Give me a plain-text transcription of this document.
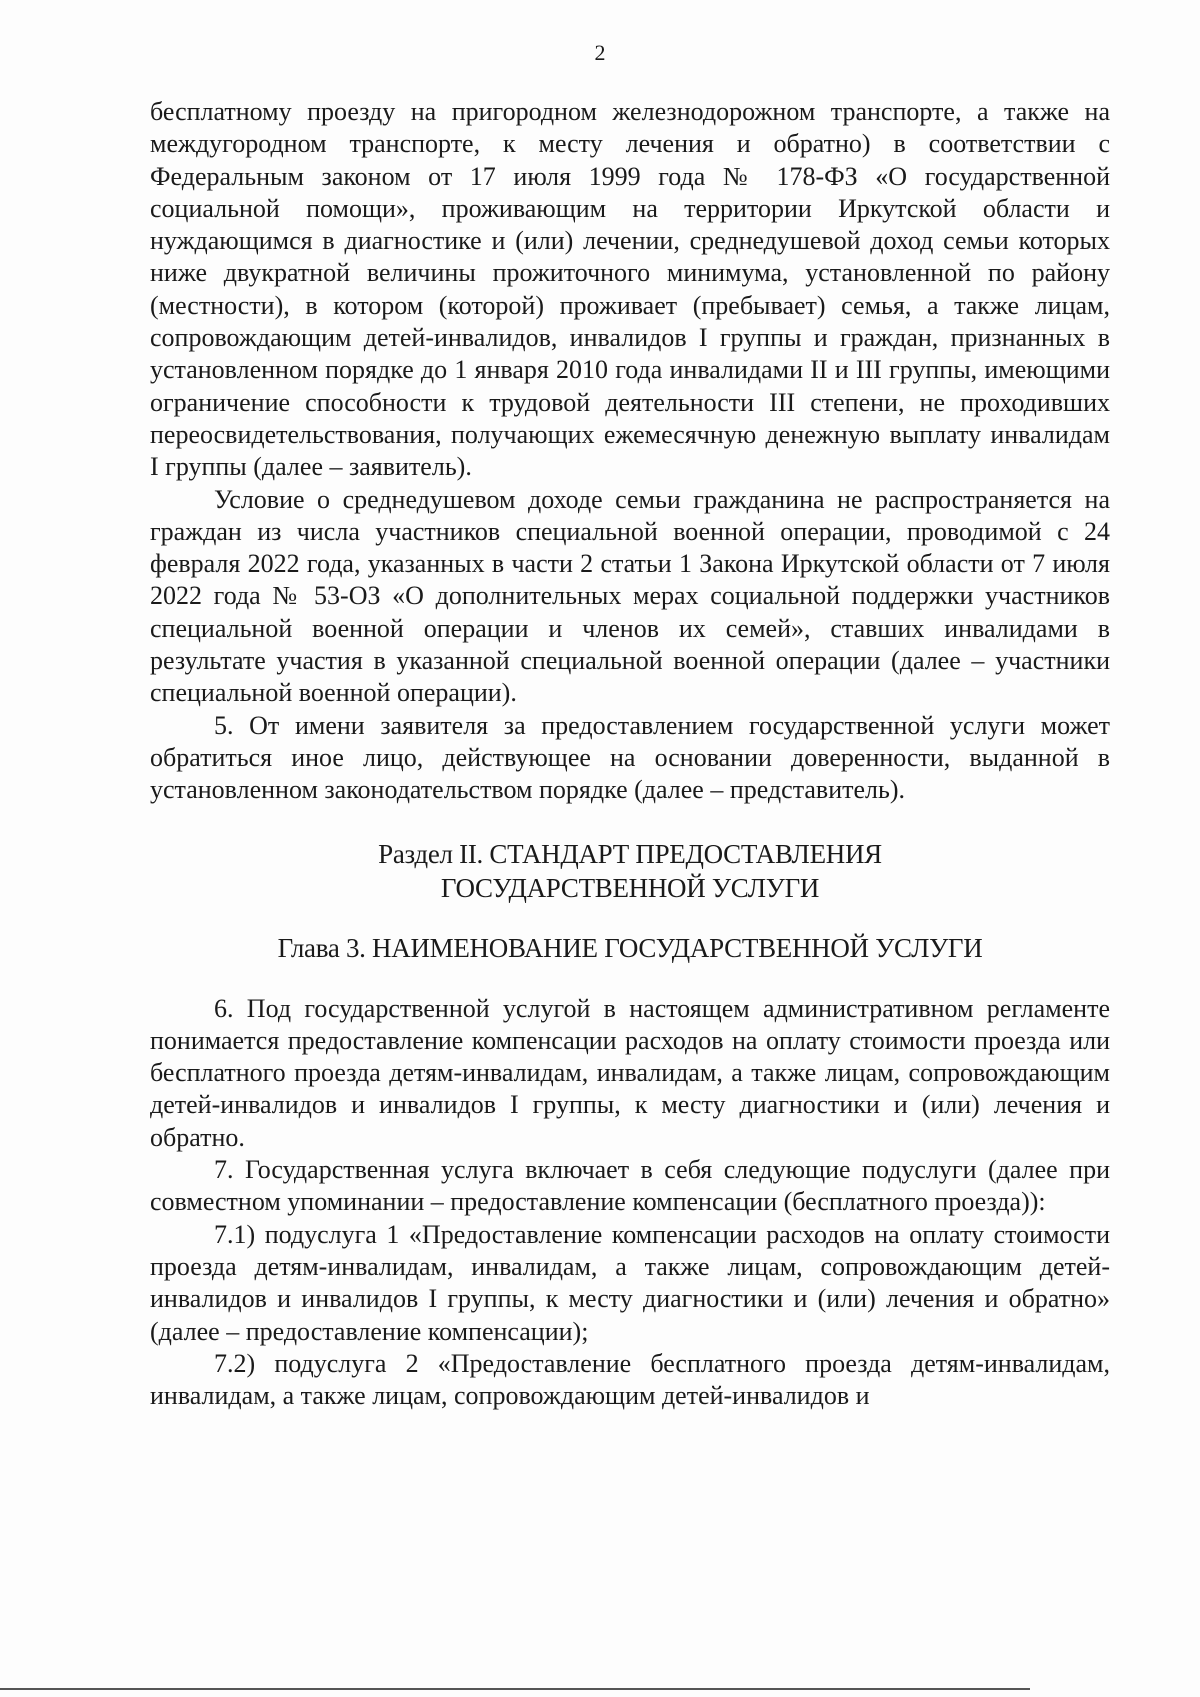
2

бесплатному проезду на пригородном железнодорожном транспорте, а также на междугородном транспорте, к месту лечения и обратно) в соответствии с Федеральным законом от 17 июля 1999 года № 178-ФЗ «О государственной социальной помощи», проживающим на территории Иркутской области и нуждающимся в диагностике и (или) лечении, среднедушевой доход семьи которых ниже двукратной величины прожиточного минимума, установленной по району (местности), в котором (которой) проживает (пребывает) семья, а также лицам, сопровождающим детей-инвалидов, инвалидов I группы и граждан, признанных в установленном порядке до 1 января 2010 года инвалидами II и III группы, имеющими ограничение способности к трудовой деятельности III степени, не проходивших переосвидетельствования, получающих ежемесячную денежную выплату инвалидам I группы (далее – заявитель).

Условие о среднедушевом доходе семьи гражданина не распространяется на граждан из числа участников специальной военной операции, проводимой с 24 февраля 2022 года, указанных в части 2 статьи 1 Закона Иркутской области от 7 июля 2022 года № 53-ОЗ «О дополнительных мерах социальной поддержки участников специальной военной операции и членов их семей», ставших инвалидами в результате участия в указанной специальной военной операции (далее – участники специальной военной операции).

5. От имени заявителя за предоставлением государственной услуги может обратиться иное лицо, действующее на основании доверенности, выданной в установленном законодательством порядке (далее – представитель).

Раздел II. СТАНДАРТ ПРЕДОСТАВЛЕНИЯ
ГОСУДАРСТВЕННОЙ УСЛУГИ
Глава 3. НАИМЕНОВАНИЕ ГОСУДАРСТВЕННОЙ УСЛУГИ

6. Под государственной услугой в настоящем административном регламенте понимается предоставление компенсации расходов на оплату стоимости проезда или бесплатного проезда детям-инвалидам, инвалидам, а также лицам, сопровождающим детей-инвалидов и инвалидов I группы, к месту диагностики и (или) лечения и обратно.

7. Государственная услуга включает в себя следующие подуслуги (далее при совместном упоминании – предоставление компенсации (бесплатного проезда)):

7.1) подуслуга 1 «Предоставление компенсации расходов на оплату стоимости проезда детям-инвалидам, инвалидам, а также лицам, сопровождающим детей-инвалидов и инвалидов I группы, к месту диагностики и (или) лечения и обратно» (далее – предоставление компенсации);

7.2) подуслуга 2 «Предоставление бесплатного проезда детям-инвалидам, инвалидам, а также лицам, сопровождающим детей-инвалидов и
